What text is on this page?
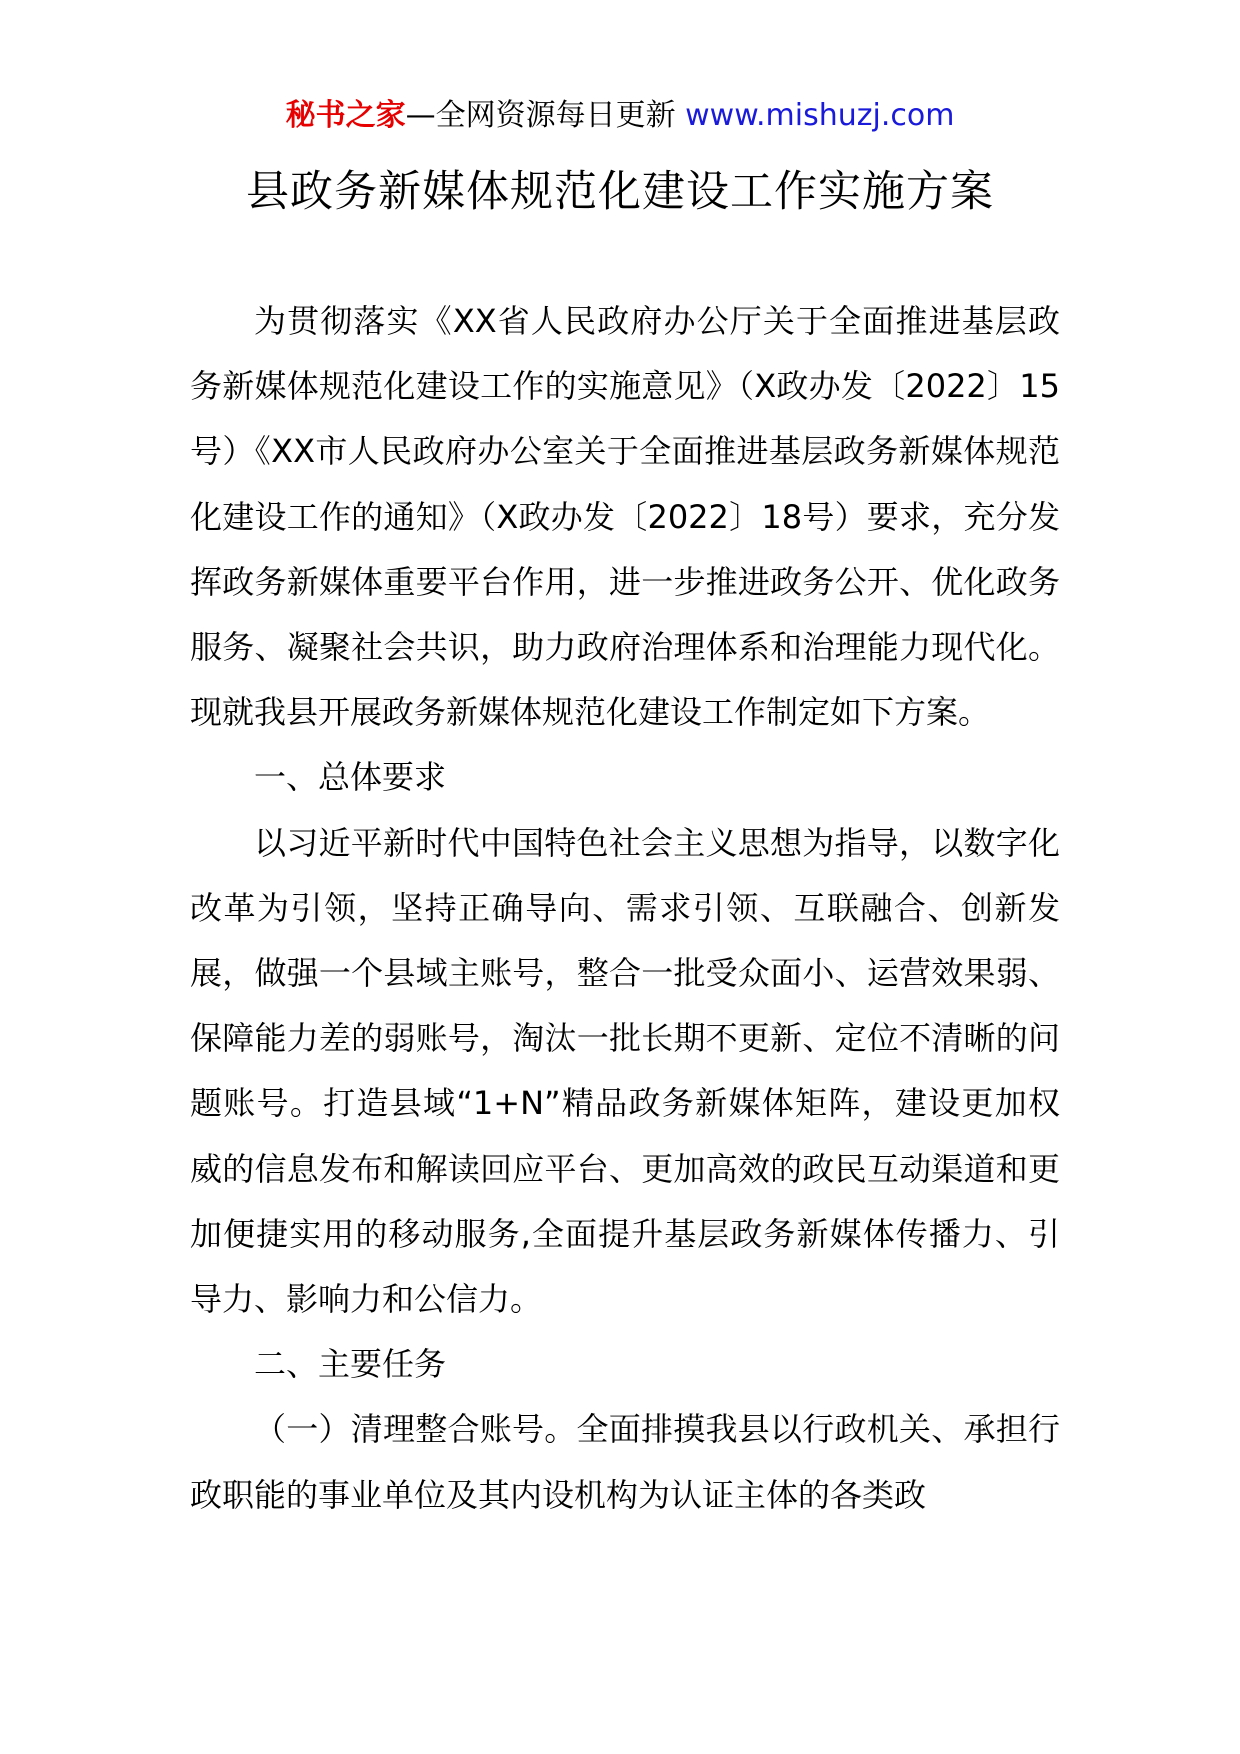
秘书之家—全网资源每日更新 www.mishuzj.com
县政务新媒体规范化建设工作实施方案

为贯彻落实《XX省人民政府办公厅关于全面推进基层政务新媒体规范化建设工作的实施意见》（X政办发〔2022〕15号）《XX市人民政府办公室关于全面推进基层政务新媒体规范化建设工作的通知》（X政办发〔2022〕18号）要求，充分发挥政务新媒体重要平台作用，进一步推进政务公开、优化政务服务、凝聚社会共识，助力政府治理体系和治理能力现代化。现就我县开展政务新媒体规范化建设工作制定如下方案。

一、总体要求

以习近平新时代中国特色社会主义思想为指导，以数字化改革为引领，坚持正确导向、需求引领、互联融合、创新发展，做强一个县域主账号，整合一批受众面小、运营效果弱、保障能力差的弱账号，淘汰一批长期不更新、定位不清晰的问题账号。打造县域“1+N”精品政务新媒体矩阵，建设更加权威的信息发布和解读回应平台、更加高效的政民互动渠道和更加便捷实用的移动服务,全面提升基层政务新媒体传播力、引导力、影响力和公信力。

二、主要任务

（一）清理整合账号。全面排摸我县以行政机关、承担行政职能的事业单位及其内设机构为认证主体的各类政
